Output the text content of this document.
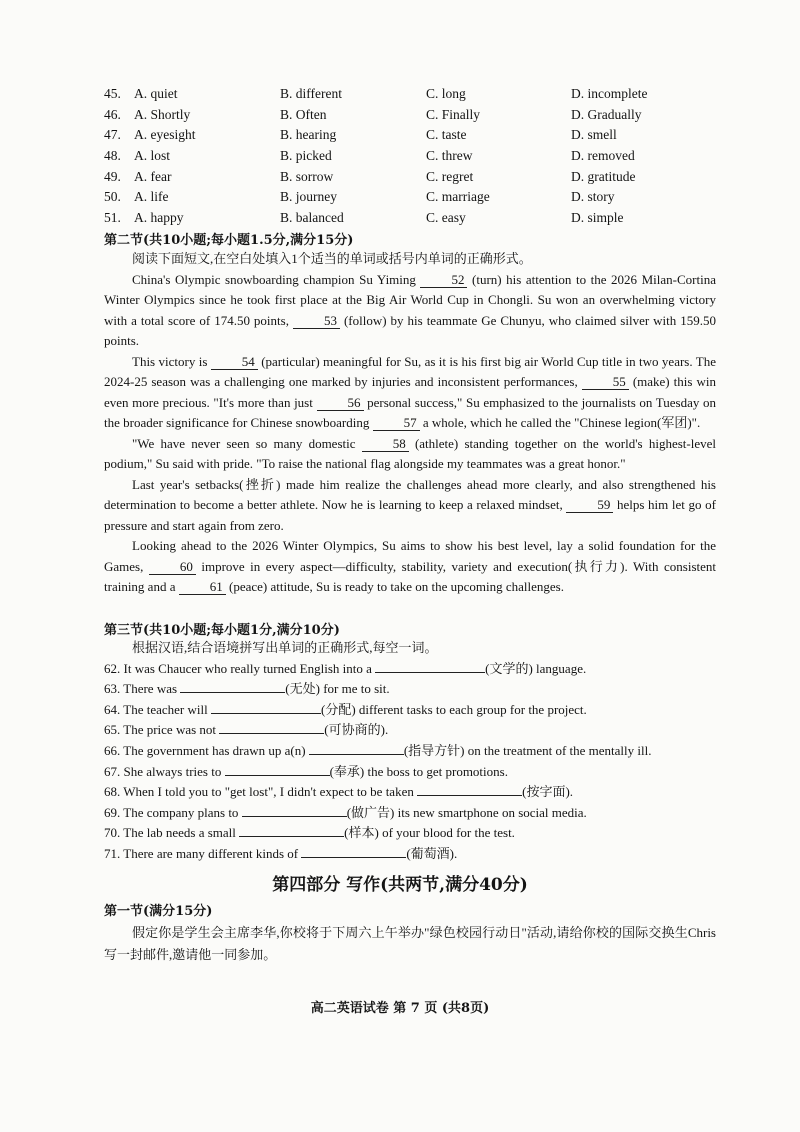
45. A. quiet	B. different	C. long	D. incomplete
46. A. Shortly	B. Often	C. Finally	D. Gradually
47. A. eyesight	B. hearing	C. taste	D. smell
48. A. lost	B. picked	C. threw	D. removed
49. A. fear	B. sorrow	C. regret	D. gratitude
50. A. life	B. journey	C. marriage	D. story
51. A. happy	B. balanced	C. easy	D. simple
第二节(共10小题;每小题1.5分,满分15分)

阅读下面短文,在空白处填入1个适当的单词或括号内单词的正确形式。

China's Olympic snowboarding champion Su Yiming 52 (turn) his attention to the 2026 Milan-Cortina Winter Olympics since he took first place at the Big Air World Cup in Chongli. Su won an overwhelming victory with a total score of 174.50 points, 53 (follow) by his teammate Ge Chunyu, who claimed silver with 159.50 points.

This victory is 54 (particular) meaningful for Su, as it is his first big air World Cup title in two years. The 2024-25 season was a challenging one marked by injuries and inconsistent performances, 55 (make) this win even more precious. "It's more than just 56 personal success," Su emphasized to the journalists on Tuesday on the broader significance for Chinese snowboarding 57 a whole, which he called the "Chinese legion(军团)".

"We have never seen so many domestic 58 (athlete) standing together on the world's highest-level podium," Su said with pride. "To raise the national flag alongside my teammates was a great honor."

Last year's setbacks(挫折) made him realize the challenges ahead more clearly, and also strengthened his determination to become a better athlete. Now he is learning to keep a relaxed mindset, 59 helps him let go of pressure and start again from zero.

Looking ahead to the 2026 Winter Olympics, Su aims to show his best level, lay a solid foundation for the Games, 60 improve in every aspect—difficulty, stability, variety and execution(执行力). With consistent training and a 61 (peace) attitude, Su is ready to take on the upcoming challenges.

第三节(共10小题;每小题1分,满分10分)
根据汉语,结合语境拼写出单词的正确形式,每空一词。
62. It was Chaucer who really turned English into a	(文学的) language.
63. There was	(无处) for me to sit.
64. The teacher will	(分配) different tasks to each group for the project.
65. The price was not	(可协商的).
66. The government has drawn up a(n)	(指导方针) on the treatment of the mentally ill.
67. She always tries to	(奉承) the boss to get promotions.
68. When I told you to "get lost", I didn't expect to be taken	(按字面).
69. The company plans to	(做广告) its new smartphone on social media.
70. The lab needs a small	(样本) of your blood for the test.
71. There are many different kinds of	(葡萄酒).
第四部分 写作(共两节,满分40分)
第一节(满分15分)

假定你是学生会主席李华,你校将于下周六上午举办"绿色校园行动日"活动,请给你校的国际交换生Chris写一封邮件,邀请他一同参加。

高二英语试卷 第 7 页 (共8页)
